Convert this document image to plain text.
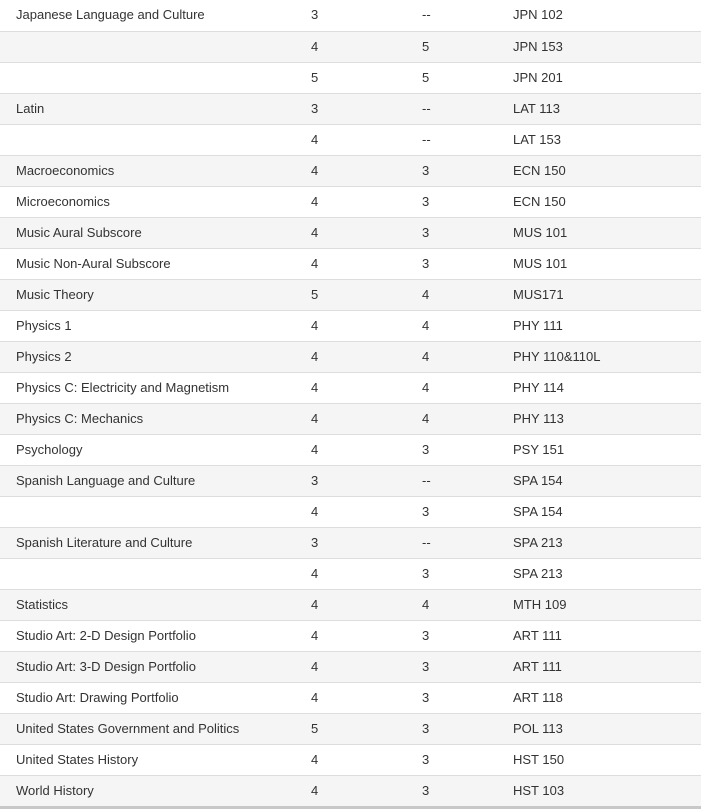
Japanese Language and Culture	3	--	JPN 102
	4	5	JPN 153
	5	5	JPN 201
Latin	3	--	LAT 113
	4	--	LAT 153
Macroeconomics	4	3	ECN 150
Microeconomics	4	3	ECN 150
Music Aural Subscore	4	3	MUS 101
Music Non-Aural Subscore	4	3	MUS 101
Music Theory	5	4	MUS171
Physics 1	4	4	PHY 111
Physics 2	4	4	PHY 110&110L
Physics C: Electricity and Magnetism	4	4	PHY 114
Physics C: Mechanics	4	4	PHY 113
Psychology	4	3	PSY 151
Spanish Language and Culture	3	--	SPA 154
	4	3	SPA 154
Spanish Literature and Culture	3	--	SPA 213
	4	3	SPA 213
Statistics	4	4	MTH 109
Studio Art: 2-D Design Portfolio	4	3	ART 111
Studio Art: 3-D Design Portfolio	4	3	ART 111
Studio Art: Drawing Portfolio	4	3	ART 118
United States Government and Politics	5	3	POL 113
United States History	4	3	HST 150
World History	4	3	HST 103
